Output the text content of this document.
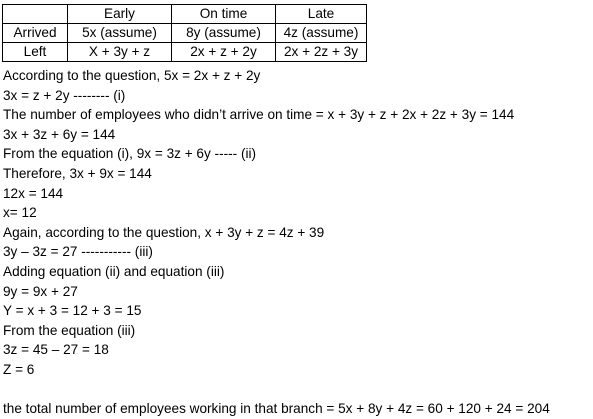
	Early	On time	Late
Arrived	5x (assume)	8y (assume)	4z (assume)
Left	X + 3y + z	2x + z + 2y	2x + 2z + 3y
According to the question, 5x = 2x + z + 2y
3x = z + 2y -------- (i)
The number of employees who didn’t arrive on time = x + 3y + z + 2x + 2z + 3y = 144
3x + 3z + 6y = 144
From the equation (i), 9x = 3z + 6y ----- (ii)
Therefore, 3x + 9x = 144
12x = 144
x= 12
Again, according to the question, x + 3y + z = 4z + 39
3y – 3z = 27 ----------- (iii)
Adding equation (ii) and equation (iii)
9y = 9x + 27
Y = x + 3 = 12 + 3 = 15
From the equation (iii)
3z = 45 – 27 = 18
Z = 6
the total number of employees working in that branch = 5x + 8y + 4z = 60 + 120 + 24 = 204
